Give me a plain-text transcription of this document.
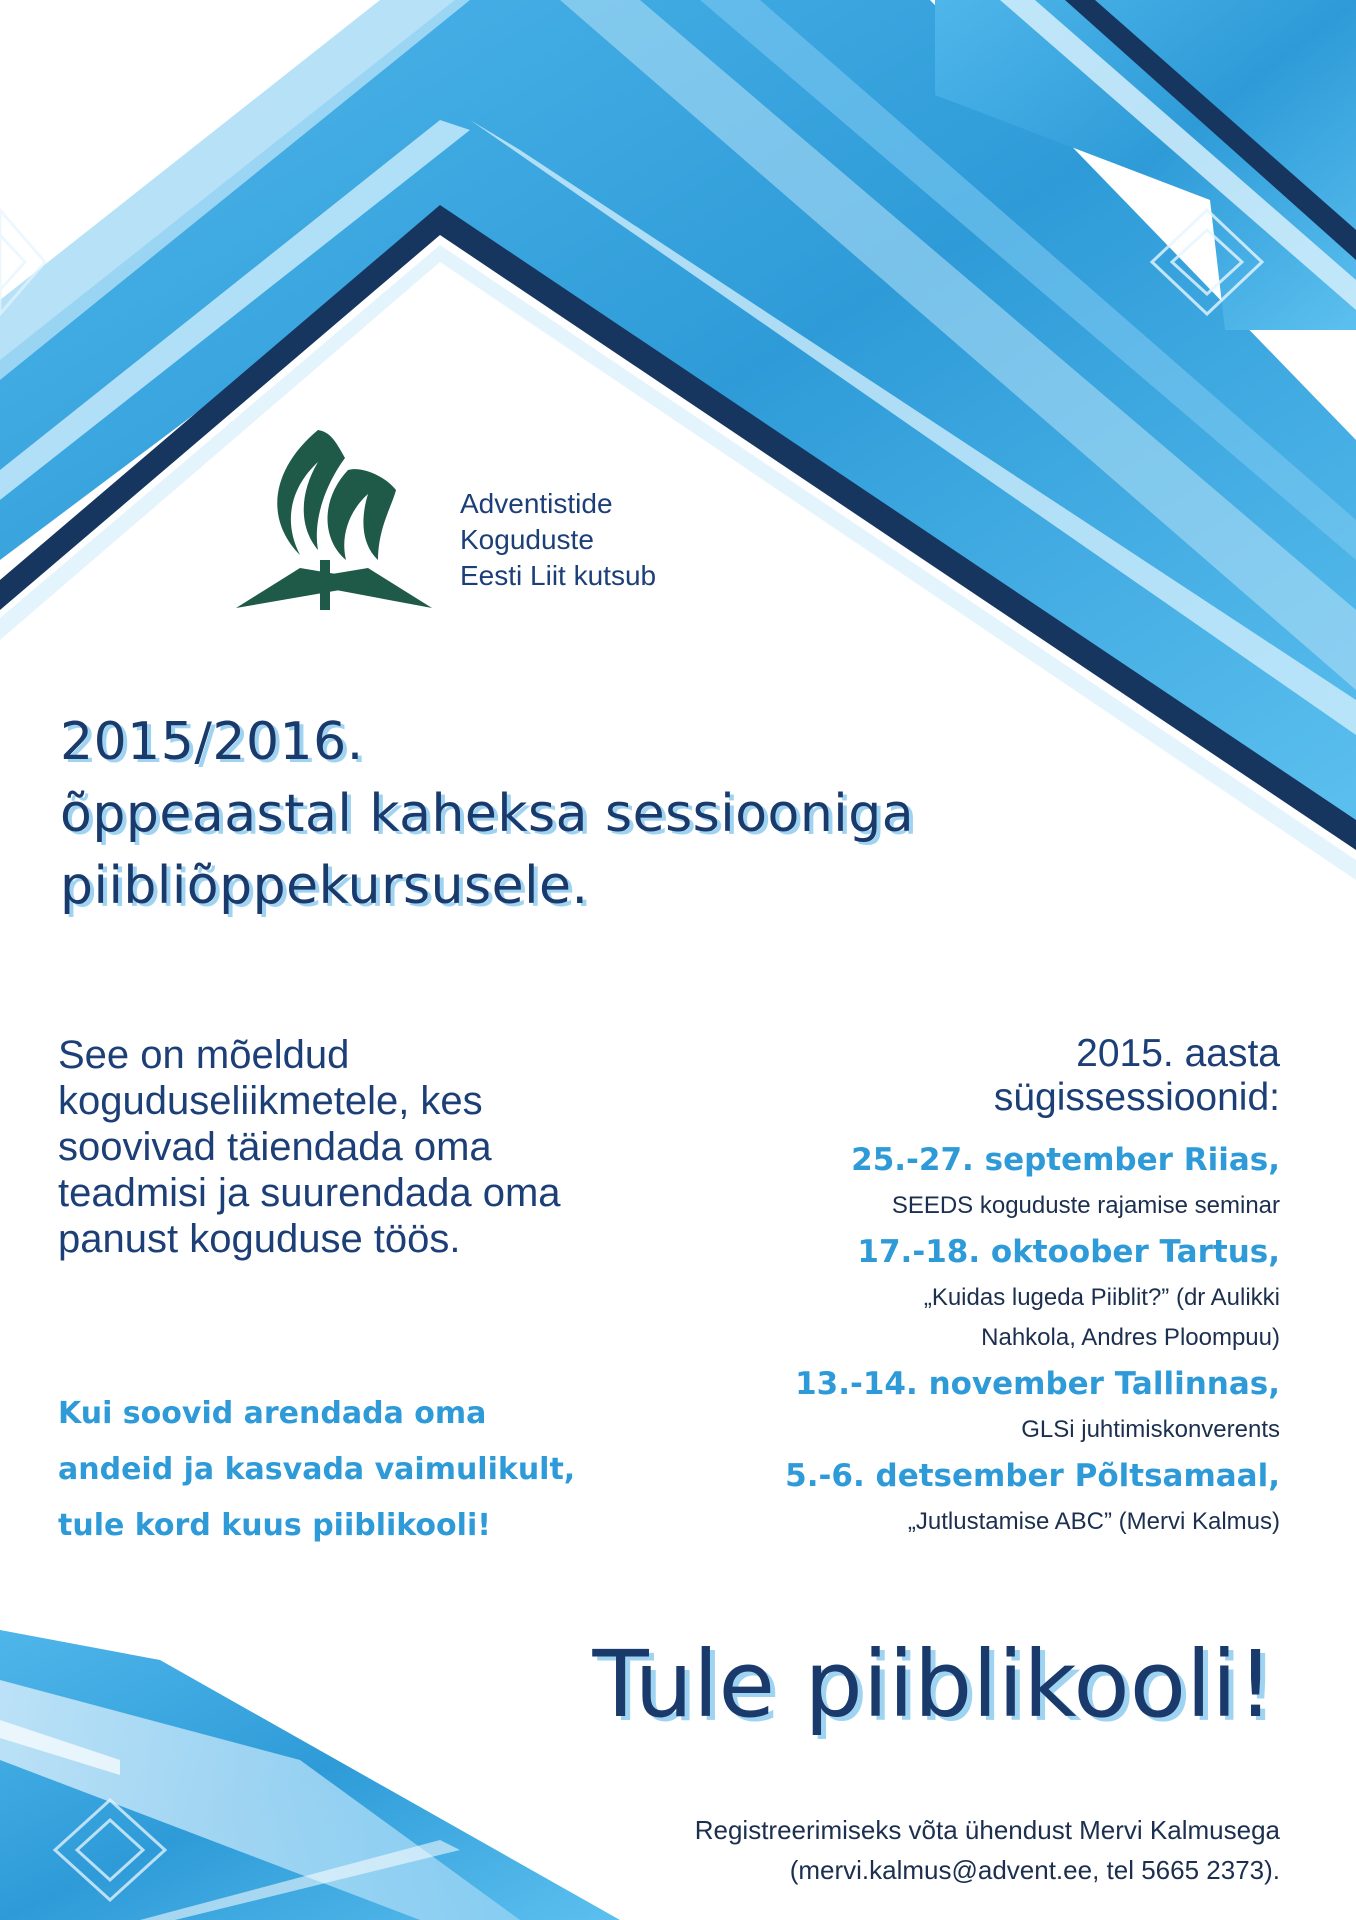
Adventistide
Koguduste
Eesti Liit kutsub
2015/2016.
õppeaastal kaheksa sessiooniga
piibliõppekursusele.
See on mõeldud
koguduseliikmetele, kes
soovivad täiendada oma
teadmisi ja suurendada oma
panust koguduse töös.
Kui soovid arendada oma
andeid ja kasvada vaimulikult,
tule kord kuus piiblikooli!
2015. aasta
sügissessioonid:
25.-27. september Riias,
SEEDS koguduste rajamise seminar
17.-18. oktoober Tartus,
„Kuidas lugeda Piiblit?” (dr Aulikki
Nahkola, Andres Ploompuu)
13.-14. november Tallinnas,
GLSi juhtimiskonverents
5.-6. detsember Põltsamaal,
„Jutlustamise ABC” (Mervi Kalmus)
Tule piiblikooli!
Registreerimiseks võta ühendust Mervi Kalmusega
(mervi.kalmus@advent.ee, tel 5665 2373).
